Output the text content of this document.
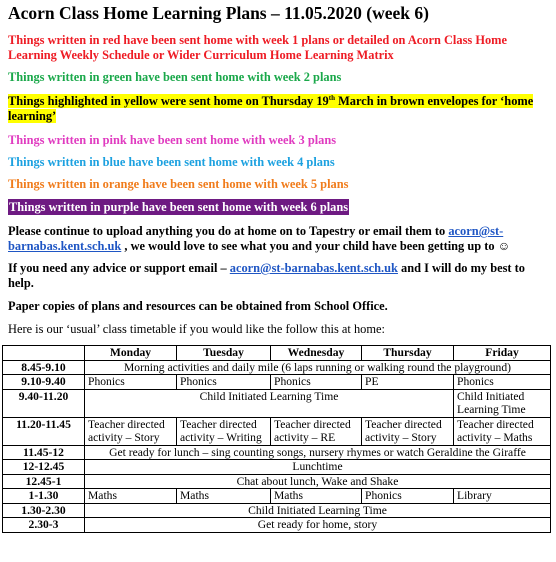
Acorn Class Home Learning Plans – 11.05.2020 (week 6)
Things written in red have been sent home with week 1 plans or detailed on Acorn Class Home Learning Weekly Schedule or Wider Curriculum Home Learning Matrix
Things written in green have been sent home with week 2 plans
Things highlighted in yellow were sent home on Thursday 19th March in brown envelopes for ‘home learning’
Things written in pink have been sent home with week 3 plans
Things written in blue have been sent home with week 4 plans
Things written in orange have been sent home with week 5 plans
Things written in purple have been sent home with week 6 plans
Please continue to upload anything you do at home on to Tapestry or email them to acorn@st-barnabas.kent.sch.uk , we would love to see what you and your child have been getting up to ☺
If you need any advice or support email – acorn@st-barnabas.kent.sch.uk and I will do my best to help.
Paper copies of plans and resources can be obtained from School Office.
Here is our ‘usual’ class timetable if you would like the follow this at home:
	Monday	Tuesday	Wednesday	Thursday	Friday
8.45-9.10	Morning activities and daily mile (6 laps running or walking round the playground)				
9.10-9.40	Phonics	Phonics	Phonics	PE	Phonics
9.40-11.20	Child Initiated Learning Time				Child Initiated Learning Time
11.20-11.45	Teacher directed activity – Story	Teacher directed activity – Writing	Teacher directed activity – RE	Teacher directed activity – Story	Teacher directed activity – Maths
11.45-12	Get ready for lunch – sing counting songs, nursery rhymes or watch Geraldine the Giraffe				
12-12.45	Lunchtime				
12.45-1	Chat about lunch, Wake and Shake				
1-1.30	Maths	Maths	Maths	Phonics	Library
1.30-2.30	Child Initiated Learning Time				
2.30-3	Get ready for home, story				
